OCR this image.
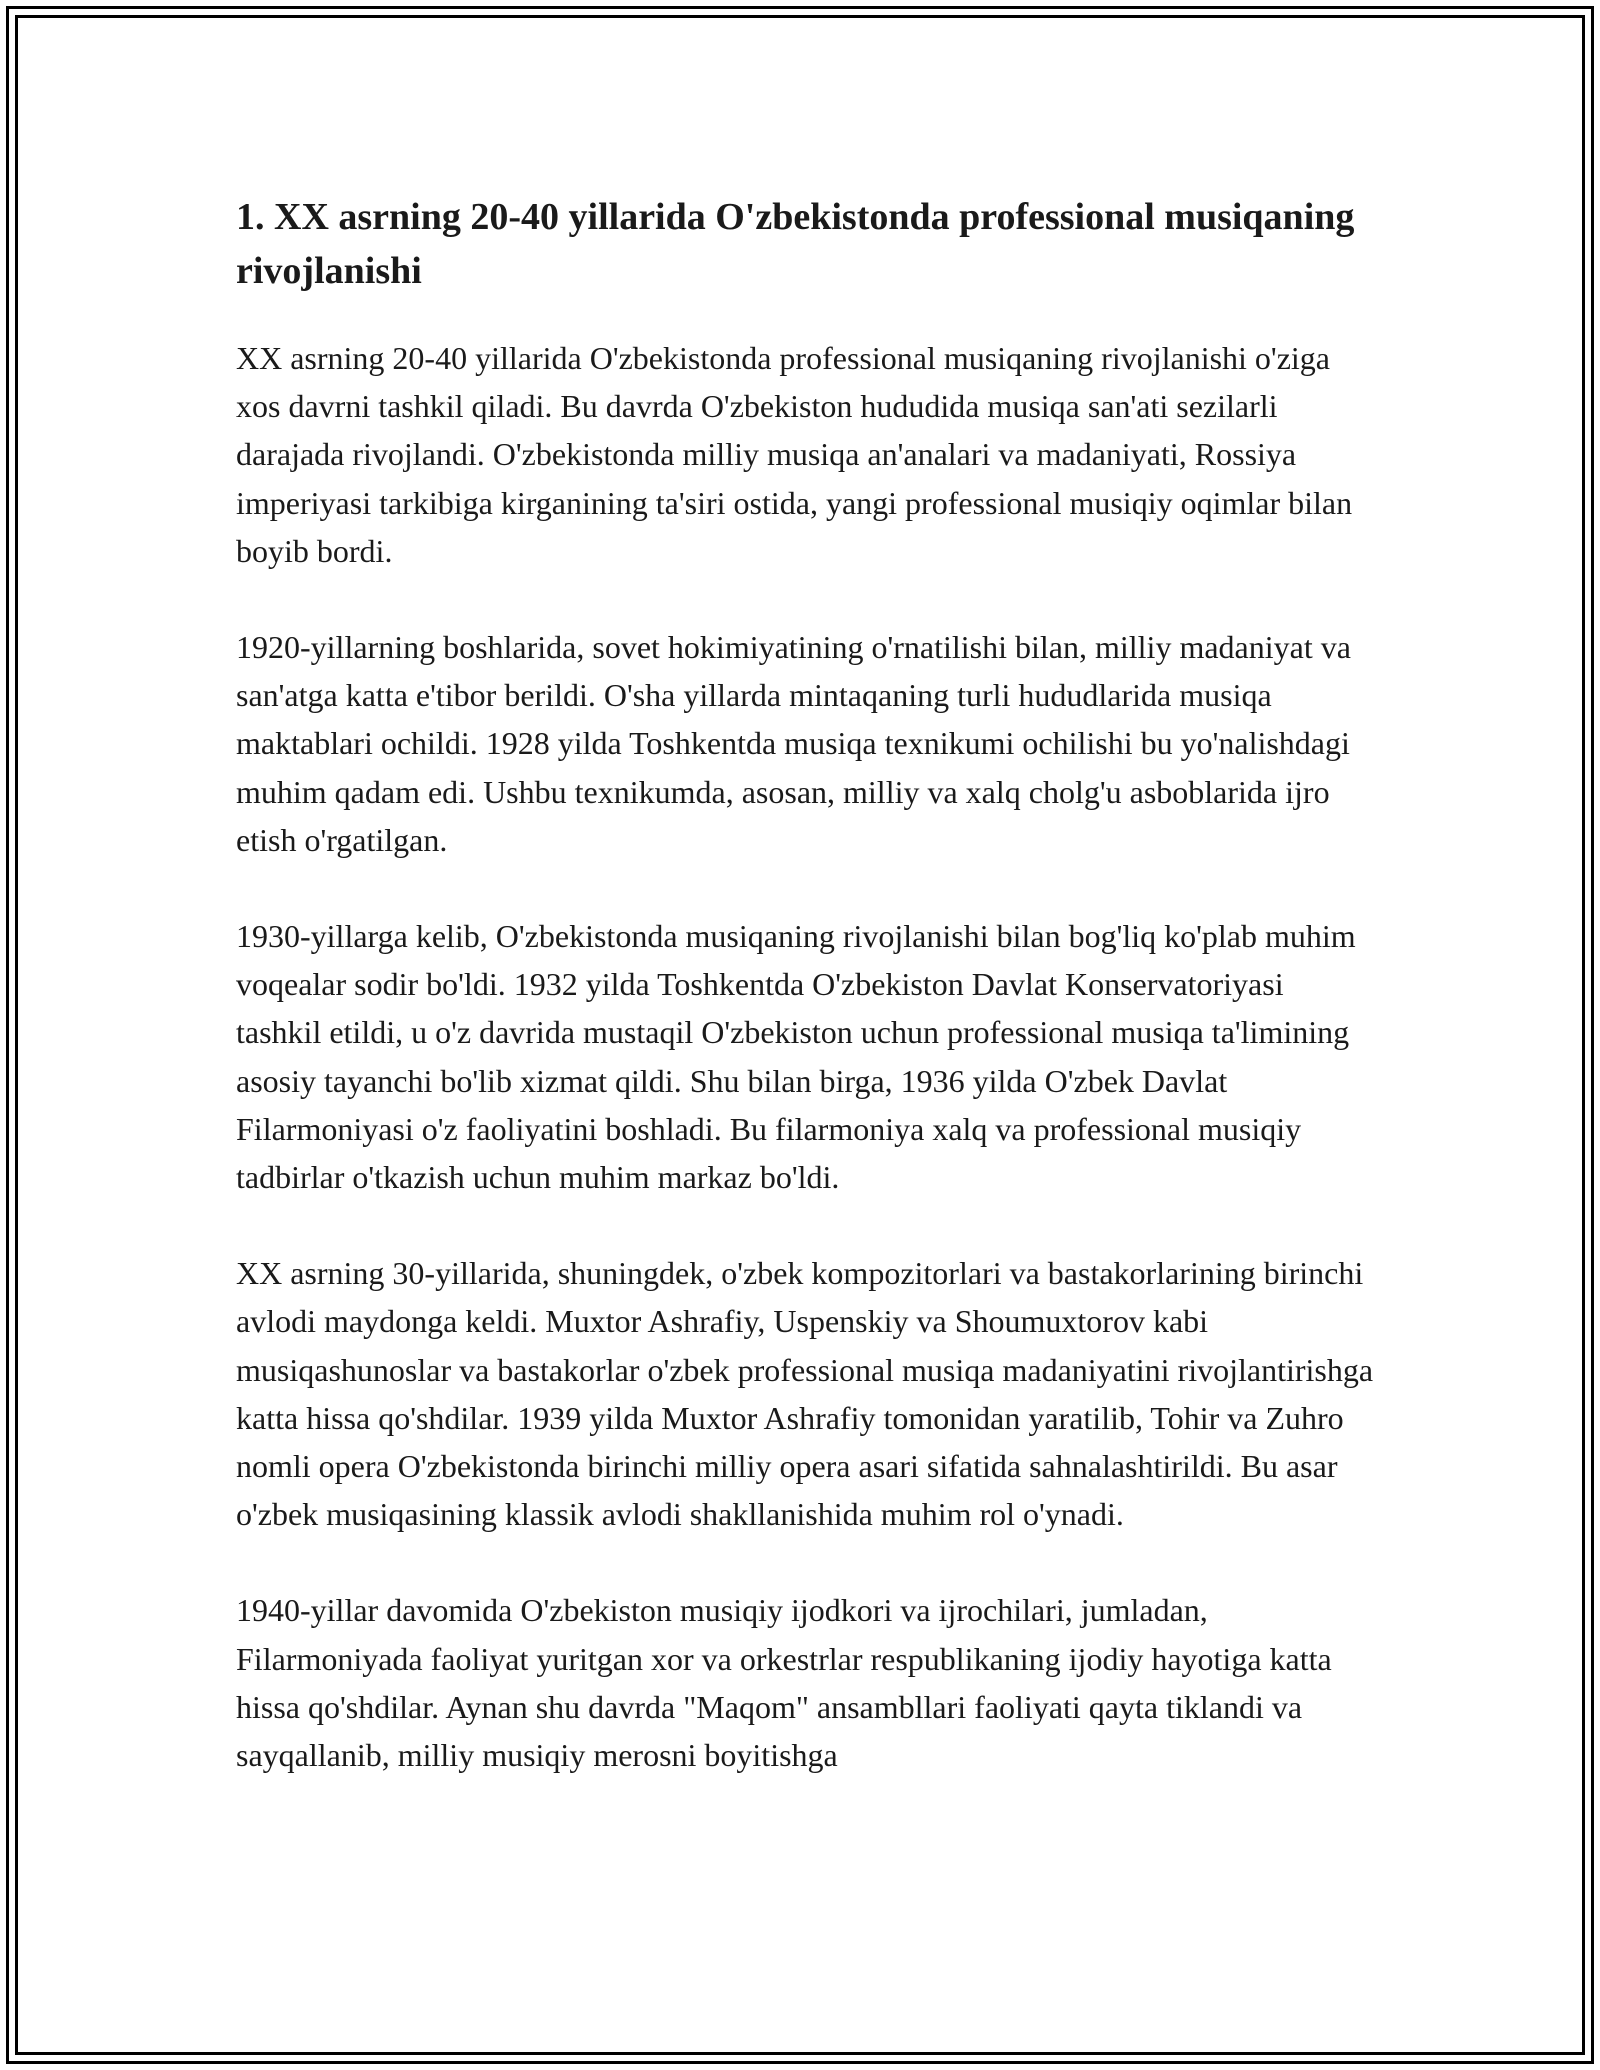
1. XX asrning 20-40 yillarida O'zbekistonda professional musiqaning rivojlanishi

XX asrning 20-40 yillarida O'zbekistonda professional musiqaning rivojlanishi o'ziga xos davrni tashkil qiladi. Bu davrda O'zbekiston hududida musiqa san'ati sezilarli darajada rivojlandi. O'zbekistonda milliy musiqa an'analari va madaniyati, Rossiya imperiyasi tarkibiga kirganining ta'siri ostida, yangi professional musiqiy oqimlar bilan boyib bordi.

1920-yillarning boshlarida, sovet hokimiyatining o'rnatilishi bilan, milliy madaniyat va san'atga katta e'tibor berildi. O'sha yillarda mintaqaning turli hududlarida musiqa maktablari ochildi. 1928 yilda Toshkentda musiqa texnikumi ochilishi bu yo'nalishdagi muhim qadam edi. Ushbu texnikumda, asosan, milliy va xalq cholg'u asboblarida ijro etish o'rgatilgan.

1930-yillarga kelib, O'zbekistonda musiqaning rivojlanishi bilan bog'liq ko'plab muhim voqealar sodir bo'ldi. 1932 yilda Toshkentda O'zbekiston Davlat Konservatoriyasi tashkil etildi, u o'z davrida mustaqil O'zbekiston uchun professional musiqa ta'limining asosiy tayanchi bo'lib xizmat qildi. Shu bilan birga, 1936 yilda O'zbek Davlat Filarmoniyasi o'z faoliyatini boshladi. Bu filarmoniya xalq va professional musiqiy tadbirlar o'tkazish uchun muhim markaz bo'ldi.

XX asrning 30-yillarida, shuningdek, o'zbek kompozitorlari va bastakorlarining birinchi avlodi maydonga keldi. Muxtor Ashrafiy, Uspenskiy va Shoumuxtorov kabi musiqashunoslar va bastakorlar o'zbek professional musiqa madaniyatini rivojlantirishga katta hissa qo'shdilar. 1939 yilda Muxtor Ashrafiy tomonidan yaratilib, Tohir va Zuhro nomli opera O'zbekistonda birinchi milliy opera asari sifatida sahnalashtirildi. Bu asar o'zbek musiqasining klassik avlodi shakllanishida muhim rol o'ynadi.

1940-yillar davomida O'zbekiston musiqiy ijodkori va ijrochilari, jumladan, Filarmoniyada faoliyat yuritgan xor va orkestrlar respublikaning ijodiy hayotiga katta hissa qo'shdilar. Aynan shu davrda "Maqom" ansambllari faoliyati qayta tiklandi va sayqallanib, milliy musiqiy merosni boyitishga
